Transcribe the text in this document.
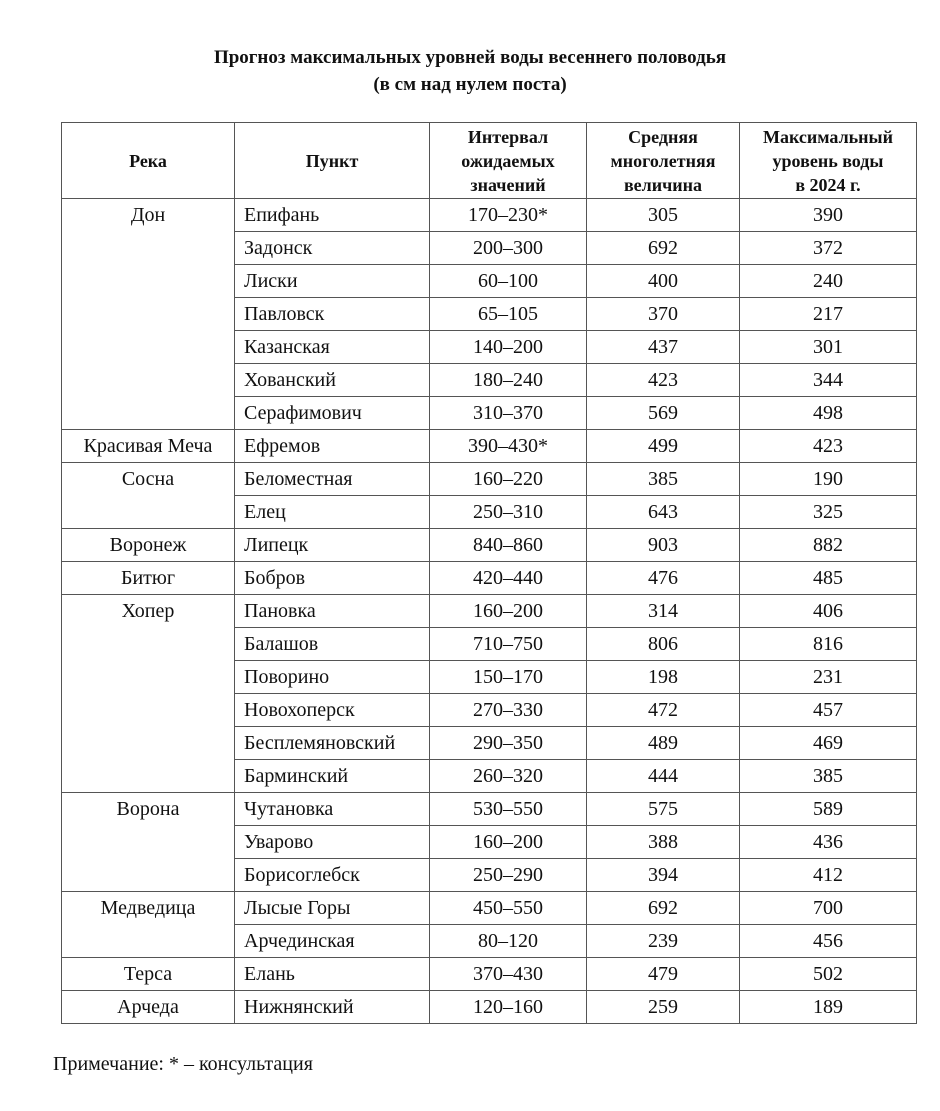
Прогноз максимальных уровней воды весеннего половодья
(в см над нулем поста)
Река	Пункт	Интервал
ожидаемых
значений	Средняя
многолетняя
величина	Максимальный
уровень воды
в 2024 г.
Дон	Епифань	170–230*	305	390
	Задонск	200–300	692	372
	Лиски	60–100	400	240
	Павловск	65–105	370	217
	Казанская	140–200	437	301
	Хованский	180–240	423	344
	Серафимович	310–370	569	498
Красивая Меча	Ефремов	390–430*	499	423
Сосна	Беломестная	160–220	385	190
	Елец	250–310	643	325
Воронеж	Липецк	840–860	903	882
Битюг	Бобров	420–440	476	485
Хопер	Пановка	160–200	314	406
	Балашов	710–750	806	816
	Поворино	150–170	198	231
	Новохоперск	270–330	472	457
	Бесплемяновский	290–350	489	469
	Барминский	260–320	444	385
Ворона	Чутановка	530–550	575	589
	Уварово	160–200	388	436
	Борисоглебск	250–290	394	412
Медведица	Лысые Горы	450–550	692	700
	Арчединская	80–120	239	456
Терса	Елань	370–430	479	502
Арчеда	Нижнянский	120–160	259	189
Примечание: * – консультация
